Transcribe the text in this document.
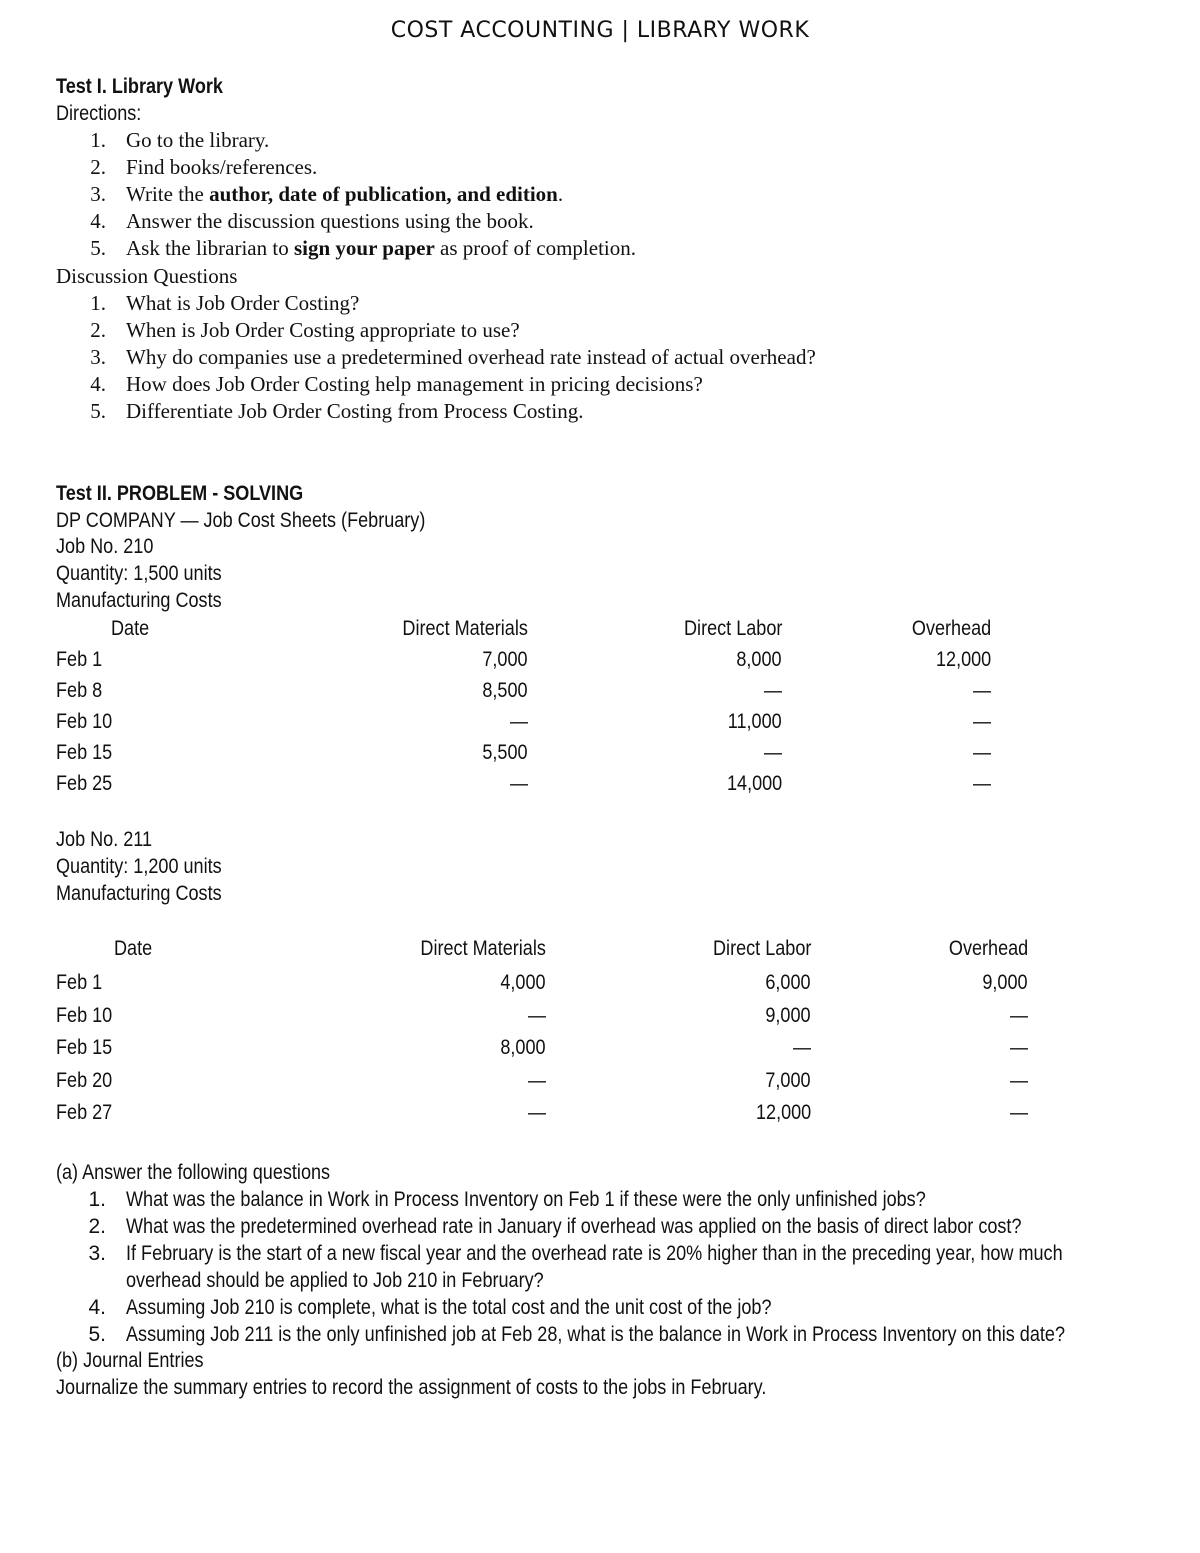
COST ACCOUNTING | LIBRARY WORK
Test I. Library Work
Directions:
1. Go to the library.
2. Find books/references.
3. Write the author, date of publication, and edition.
4. Answer the discussion questions using the book.
5. Ask the librarian to sign your paper as proof of completion.
Discussion Questions
1. What is Job Order Costing?
2. When is Job Order Costing appropriate to use?
3. Why do companies use a predetermined overhead rate instead of actual overhead?
4. How does Job Order Costing help management in pricing decisions?
5. Differentiate Job Order Costing from Process Costing.
Test II. PROBLEM - SOLVING
DP COMPANY — Job Cost Sheets (February)
Job No. 210
Quantity: 1,500 units
Manufacturing Costs
Date	Direct Materials	Direct Labor	Overhead
Feb 1	7,000	8,000	12,000
Feb 8	8,500	—	—
Feb 10	—	11,000	—
Feb 15	5,500	—	—
Feb 25	—	14,000	—
Job No. 211
Quantity: 1,200 units
Manufacturing Costs
Date	Direct Materials	Direct Labor	Overhead
Feb 1	4,000	6,000	9,000
Feb 10	—	9,000	—
Feb 15	8,000	—	—
Feb 20	—	7,000	—
Feb 27	—	12,000	—
(a) Answer the following questions
1. What was the balance in Work in Process Inventory on Feb 1 if these were the only unfinished jobs?
2. What was the predetermined overhead rate in January if overhead was applied on the basis of direct labor cost?
3. If February is the start of a new fiscal year and the overhead rate is 20% higher than in the preceding year, how much
overhead should be applied to Job 210 in February?
4. Assuming Job 210 is complete, what is the total cost and the unit cost of the job?
5. Assuming Job 211 is the only unfinished job at Feb 28, what is the balance in Work in Process Inventory on this date?
(b) Journal Entries
Journalize the summary entries to record the assignment of costs to the jobs in February.
